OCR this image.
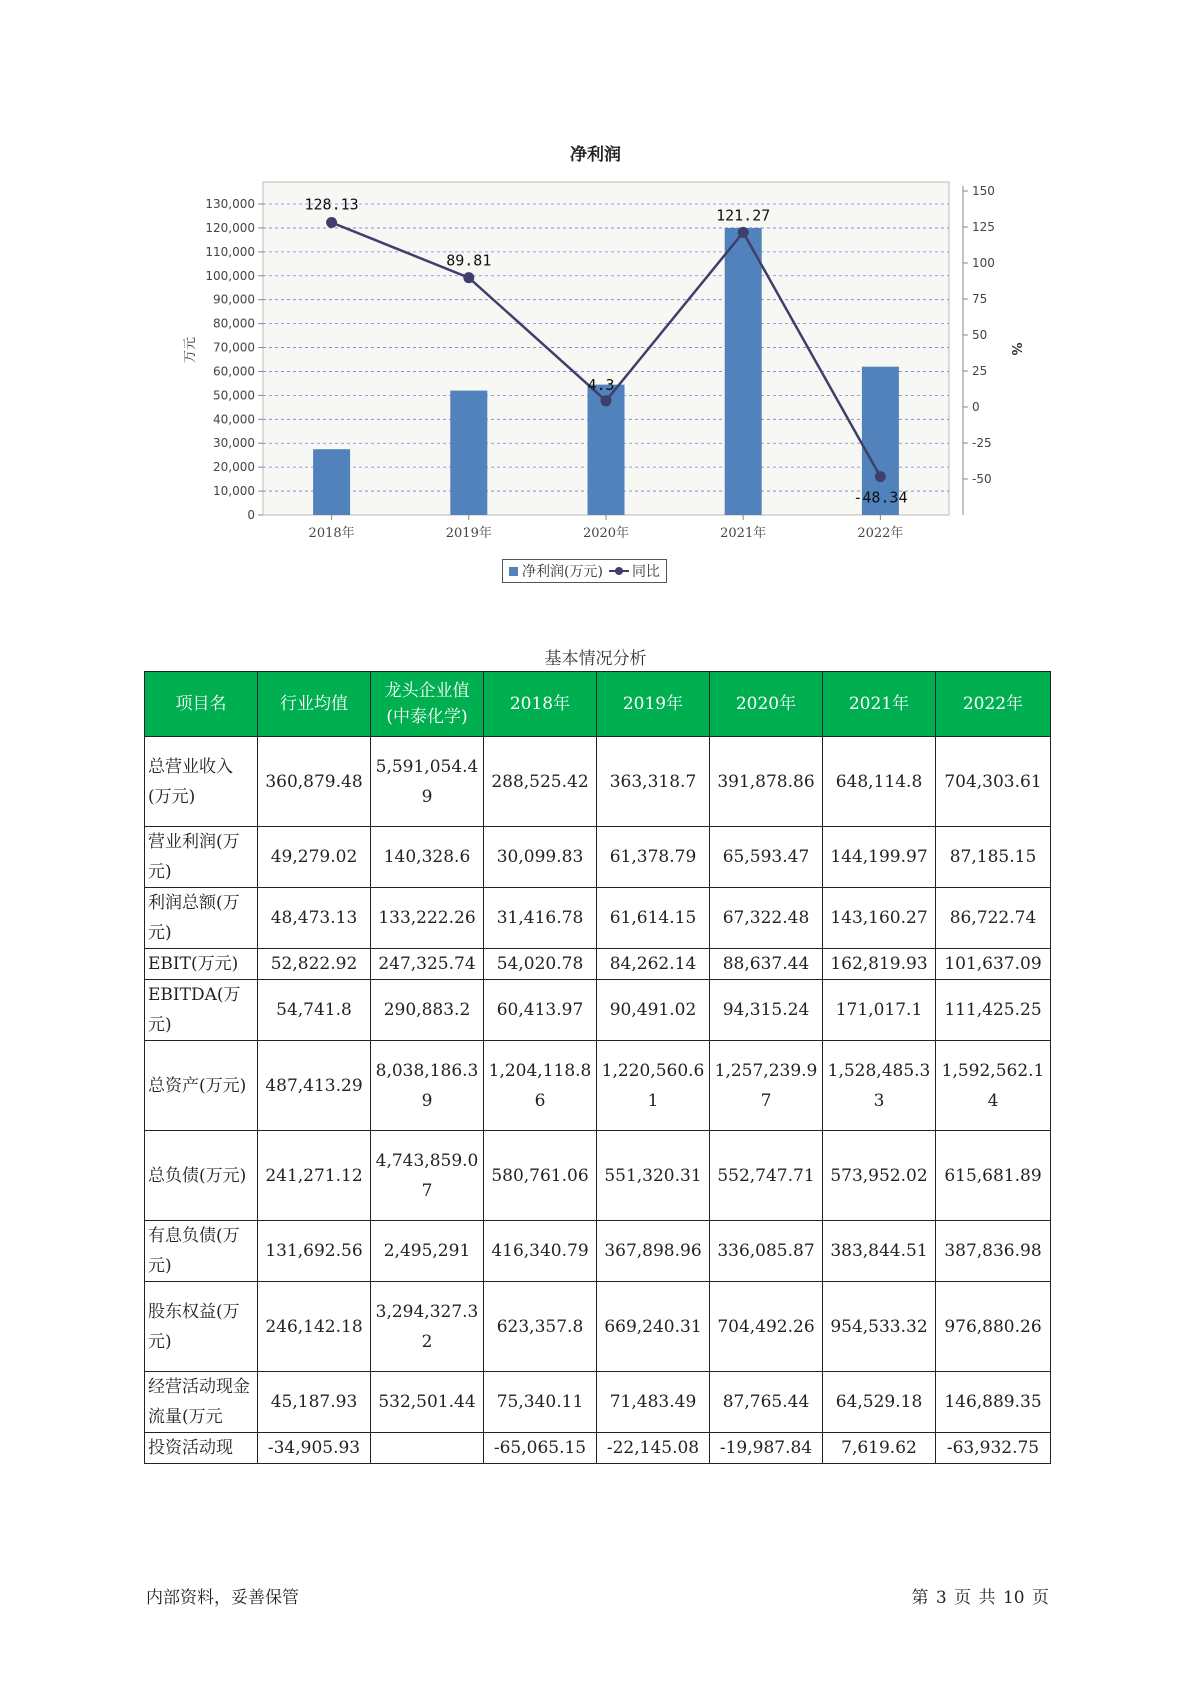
0
10,000
20,000
30,000
40,000
50,000
60,000
70,000
80,000
90,000
100,000
110,000
120,000
130,000
-50
-25
0
25
50
75
100
125
150
万元	%
2018年	2019年	2020年	2021年	2022年
128.13
89.81
4.3
121.27
-48.34
净利润
净利润(万元) 同比
基本情况分析
项目名	行业均值	龙头企业值(中泰化学)	2018年	2019年	2020年	2021年	2022年
总营业收入(万元)	360,879.48	5,591,054.49	288,525.42	363,318.7	391,878.86	648,114.8	704,303.61
营业利润(万元)	49,279.02	140,328.6	30,099.83	61,378.79	65,593.47	144,199.97	87,185.15
利润总额(万元)	48,473.13	133,222.26	31,416.78	61,614.15	67,322.48	143,160.27	86,722.74
EBIT(万元)	52,822.92	247,325.74	54,020.78	84,262.14	88,637.44	162,819.93	101,637.09
EBITDA(万元)	54,741.8	290,883.2	60,413.97	90,491.02	94,315.24	171,017.1	111,425.25
总资产(万元)	487,413.29	8,038,186.39	1,204,118.86	1,220,560.61	1,257,239.97	1,528,485.33	1,592,562.14
总负债(万元)	241,271.12	4,743,859.07	580,761.06	551,320.31	552,747.71	573,952.02	615,681.89
有息负债(万元)	131,692.56	2,495,291	416,340.79	367,898.96	336,085.87	383,844.51	387,836.98
股东权益(万元)	246,142.18	3,294,327.32	623,357.8	669,240.31	704,492.26	954,533.32	976,880.26
经营活动现金流量(万元	45,187.93	532,501.44	75,340.11	71,483.49	87,765.44	64,529.18	146,889.35
投资活动现	-34,905.93		-65,065.15	-22,145.08	-19,987.84	7,619.62	-63,932.75
内部资料，妥善保管	第 3 页 共 10 页
